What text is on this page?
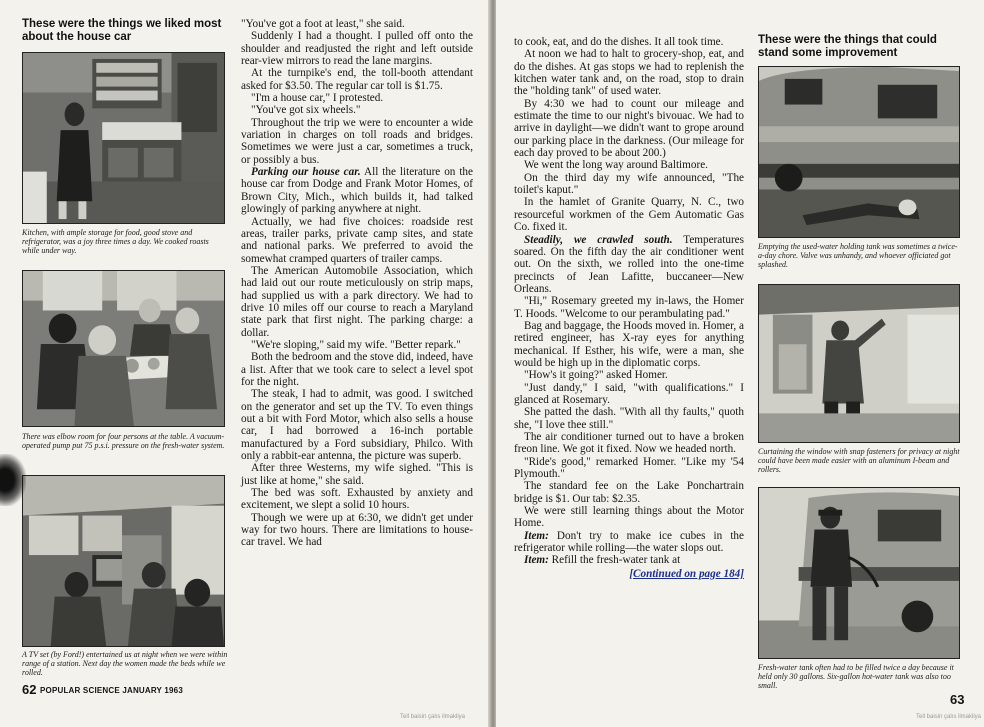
These were the things we liked most about the house car
Kitchen, with ample storage for food, good stove and refrigerator, was a joy three times a day. We cooked roasts while under way.
There was elbow room for four persons at the table. A vacuum-operated pump put 75 p.s.i. pressure on the fresh-water system.
A TV set (by Ford!) entertained us at night when we were within range of a station. Next day the women made the beds while we rolled.

"You've got a foot at least," she said.

Suddenly I had a thought. I pulled off onto the shoulder and readjusted the right and left outside rear-view mirrors to read the lane margins.

At the turnpike's end, the toll-booth attendant asked for $3.50. The regular car toll is $1.75.

"I'm a house car," I protested.

"You've got six wheels."

Throughout the trip we were to encounter a wide variation in charges on toll roads and bridges. Sometimes we were just a car, sometimes a truck, or possibly a bus.

Parking our house car. All the literature on the house car from Dodge and Frank Motor Homes, of Brown City, Mich., which builds it, had talked glowingly of parking anywhere at night.

Actually, we had five choices: roadside rest areas, trailer parks, private camp sites, and state and national parks. We preferred to avoid the somewhat cramped quarters of trailer camps.

The American Automobile Association, which had laid out our route meticulously on strip maps, had supplied us with a park directory. We had to drive 10 miles off our course to reach a Maryland state park that first night. The parking charge: a dollar.

"We're sloping," said my wife. "Better repark."

Both the bedroom and the stove did, indeed, have a list. After that we took care to select a level spot for the night.

The steak, I had to admit, was good. I switched on the generator and set up the TV. To even things out a bit with Ford Motor, which also sells a house car, I had borrowed a 16-inch portable manufactured by a Ford subsidiary, Philco. With only a rabbit-ear antenna, the picture was superb.

After three Westerns, my wife sighed. "This is just like at home," she said.

The bed was soft. Exhausted by anxiety and excitement, we slept a solid 10 hours.

Though we were up at 6:30, we didn't get under way for two hours. There are limitations to house-car travel. We had

62 POPULAR SCIENCE JANUARY 1963
Tell baisin çalıs ilmakliya

to cook, eat, and do the dishes. It all took time.

At noon we had to halt to grocery-shop, eat, and do the dishes. At gas stops we had to replenish the kitchen water tank and, on the road, stop to drain the "holding tank" of used water.

By 4:30 we had to count our mileage and estimate the time to our night's bivouac. We had to arrive in daylight—we didn't want to grope around our parking place in the darkness. (Our mileage for each day proved to be about 200.)

We went the long way around Baltimore.

On the third day my wife announced, "The toilet's kaput."

In the hamlet of Granite Quarry, N. C., two resourceful workmen of the Gem Automatic Gas Co. fixed it.

Steadily, we crawled south. Temperatures soared. On the fifth day the air conditioner went out. On the sixth, we rolled into the one-time precincts of Jean Lafitte, buccaneer—New Orleans.

"Hi," Rosemary greeted my in-laws, the Homer T. Hoods. "Welcome to our perambulating pad."

Bag and baggage, the Hoods moved in. Homer, a retired engineer, has X-ray eyes for anything mechanical. If Esther, his wife, were a man, she would be high up in the diplomatic corps.

"How's it going?" asked Homer.

"Just dandy," I said, "with qualifications." I glanced at Rosemary.

She patted the dash. "With all thy faults," quoth she, "I love thee still."

The air conditioner turned out to have a broken freon line. We got it fixed. Now we headed north.

"Ride's good," remarked Homer. "Like my '54 Plymouth."

The standard fee on the Lake Ponchartrain bridge is $1. Our tab: $2.35.

We were still learning things about the Motor Home.

Item: Don't try to make ice cubes in the refrigerator while rolling—the water slops out.

Item: Refill the fresh-water tank at

[Continued on page 184]

These were the things that could stand some improvement
Emptying the used-water holding tank was sometimes a twice-a-day chore. Valve was unhandy, and whoever officiated got splashed.
Curtaining the window with snap fasteners for privacy at night could have been made easier with an aluminum I-beam and rollers.
Fresh-water tank often had to be filled twice a day because it held only 30 gallons. Six-gallon hot-water tank was also too small.
63
Tell baisin çalıs ilmakliya
